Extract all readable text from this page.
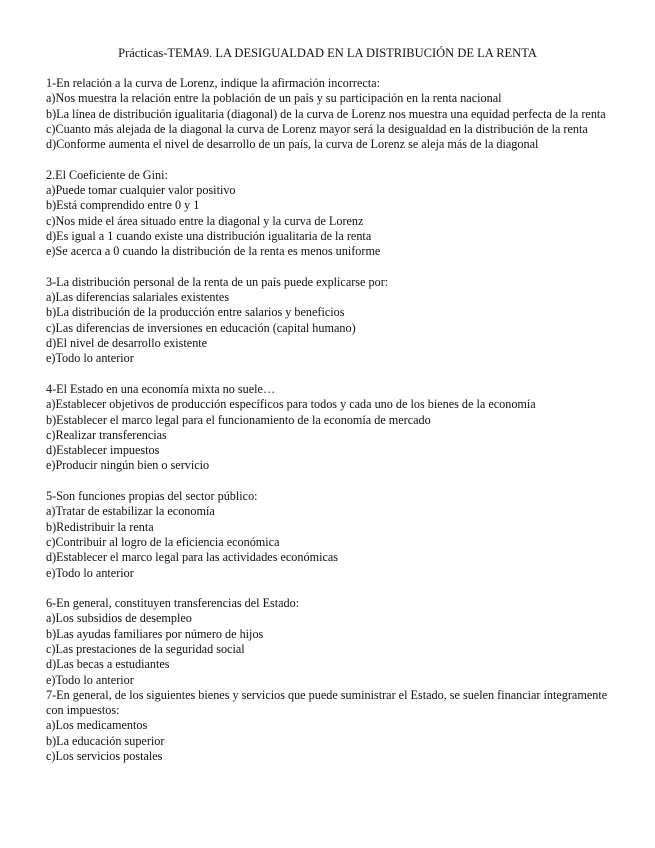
Prácticas-TEMA9. LA DESIGUALDAD EN LA DISTRIBUCIÓN DE LA RENTA
1-En relación a la curva de Lorenz, indique la afirmación incorrecta:
a)Nos muestra la relación entre la población de un país y su participación en la renta nacional
b)La línea de distribución igualitaria (diagonal) de la curva de Lorenz nos muestra una equidad perfecta de la renta
c)Cuanto más alejada de la diagonal la curva de Lorenz mayor será la desigualdad en la distribución de la renta
d)Conforme aumenta el nivel de desarrollo de un país, la curva de Lorenz se aleja más de la diagonal
2.El Coeficiente de Gini:
a)Puede tomar cualquier valor positivo
b)Está comprendido entre 0 y 1
c)Nos mide el área situado entre la diagonal y la curva de Lorenz
d)Es igual a 1 cuando existe una distribución igualitaria de la renta
e)Se acerca a 0 cuando la distribución de la renta es menos uniforme
3-La distribución personal de la renta de un país puede explicarse por:
a)Las diferencias salariales existentes
b)La distribución de la producción entre salarios y beneficios
c)Las diferencias de inversiones en educación (capital humano)
d)El nivel de desarrollo existente
e)Todo lo anterior
4-El Estado en una economía mixta no suele…
a)Establecer objetivos de producción específicos para todos y cada uno de los bienes de la economía
b)Establecer el marco legal para el funcionamiento de la economía de mercado
c)Realizar transferencias
d)Establecer impuestos
e)Producir ningún bien o servicio
5-Son funciones propias del sector público:
a)Tratar de estabilizar la economía
b)Redistribuir la renta
c)Contribuir al logro de la eficiencia económica
d)Establecer el marco legal para las actividades económicas
e)Todo lo anterior
6-En general, constituyen transferencias del Estado:
a)Los subsidios de desempleo
b)Las ayudas familiares por número de hijos
c)Las prestaciones de la seguridad social
d)Las becas a estudiantes
e)Todo lo anterior
7-En general, de los siguientes bienes y servicios que puede suministrar el Estado, se suelen financiar íntegramente con impuestos:
a)Los medicamentos
b)La educación superior
c)Los servicios postales
